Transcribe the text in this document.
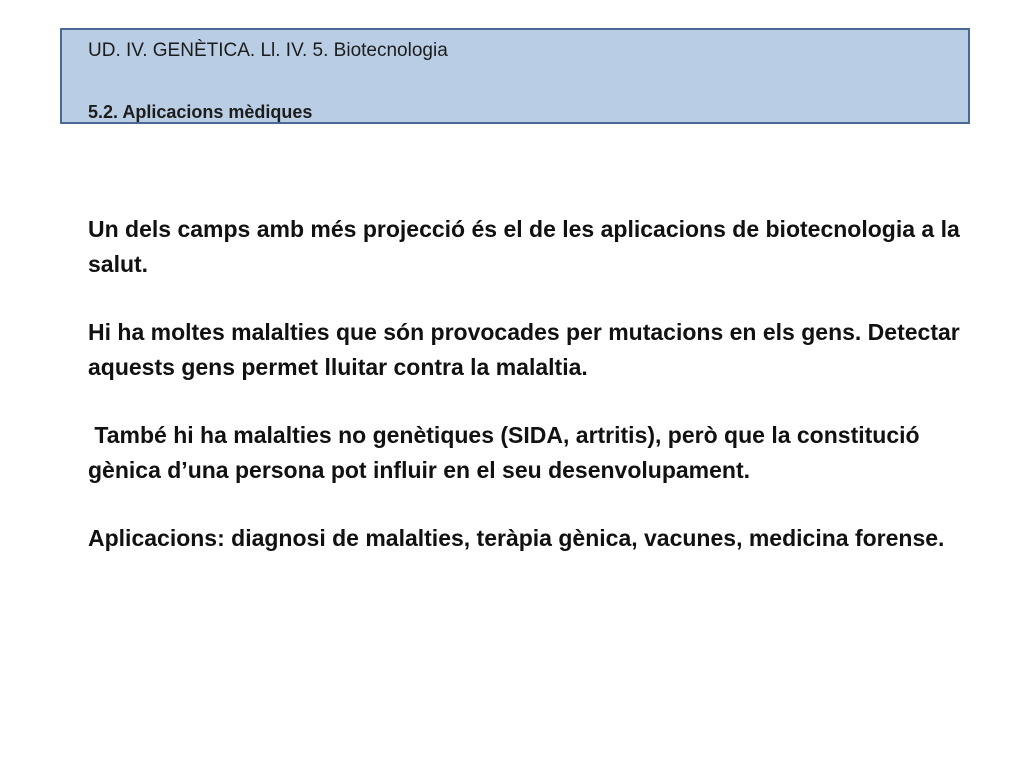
UD. IV. GENÈTICA. Ll. IV. 5. Biotecnologia
5.2. Aplicacions mèdiques

Un dels camps amb més projecció és el de les aplicacions de biotecnologia a la salut.

Hi ha moltes malalties que són provocades per mutacions en els gens. Detectar aquests gens permet lluitar contra la malaltia.

També hi ha malalties no genètiques (SIDA, artritis), però que la constitució gènica d’una persona pot influir en el seu desenvolupament.

Aplicacions: diagnosi de malalties, teràpia gènica, vacunes, medicina forense.
